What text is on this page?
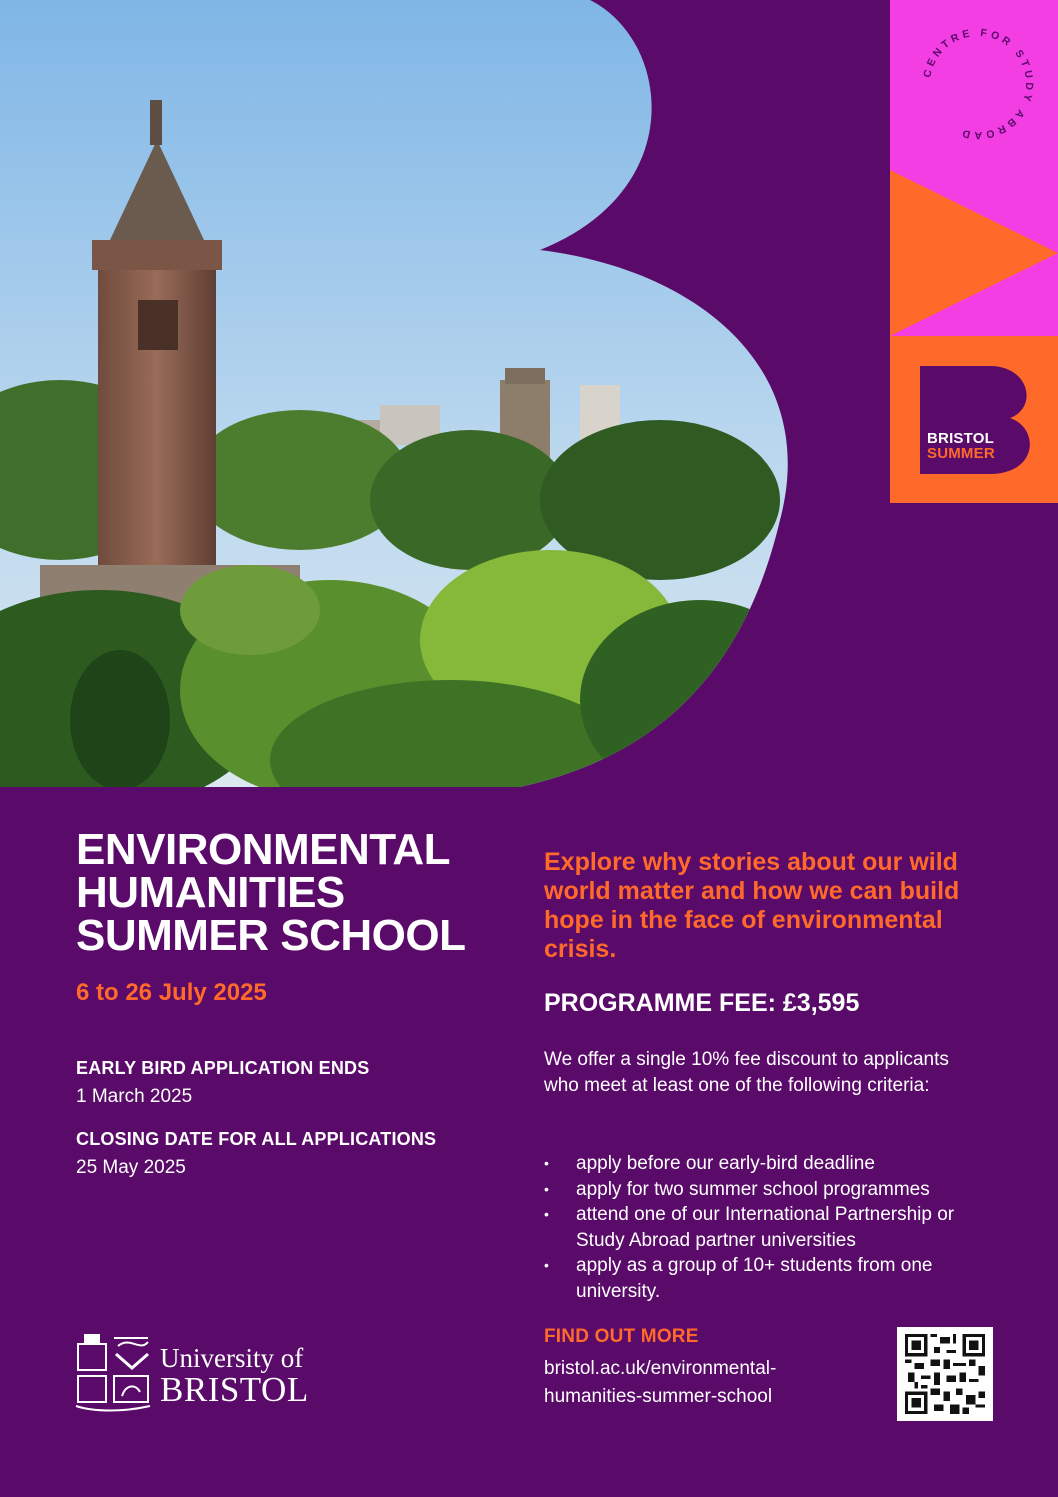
CENTRE FOR STUDY ABROAD
BRISTOL
SUMMER
ENVIRONMENTAL
HUMANITIES
SUMMER SCHOOL
6 to 26 July 2025
EARLY BIRD APPLICATION ENDS
1 March 2025
CLOSING DATE FOR ALL APPLICATIONS
25 May 2025
University of
BRISTOL

Explore why stories about our wild world matter and how we can build hope in the face of environmental crisis.

PROGRAMME FEE: £3,595

We offer a single 10% fee discount to applicants who meet at least one of the following criteria:

• apply before our early-bird deadline
• apply for two summer school programmes
• attend one of our International Partnership or Study Abroad partner universities
• apply as a group of 10+ students from one university.
FIND OUT MORE

bristol.ac.uk/environmental-
humanities-summer-school
